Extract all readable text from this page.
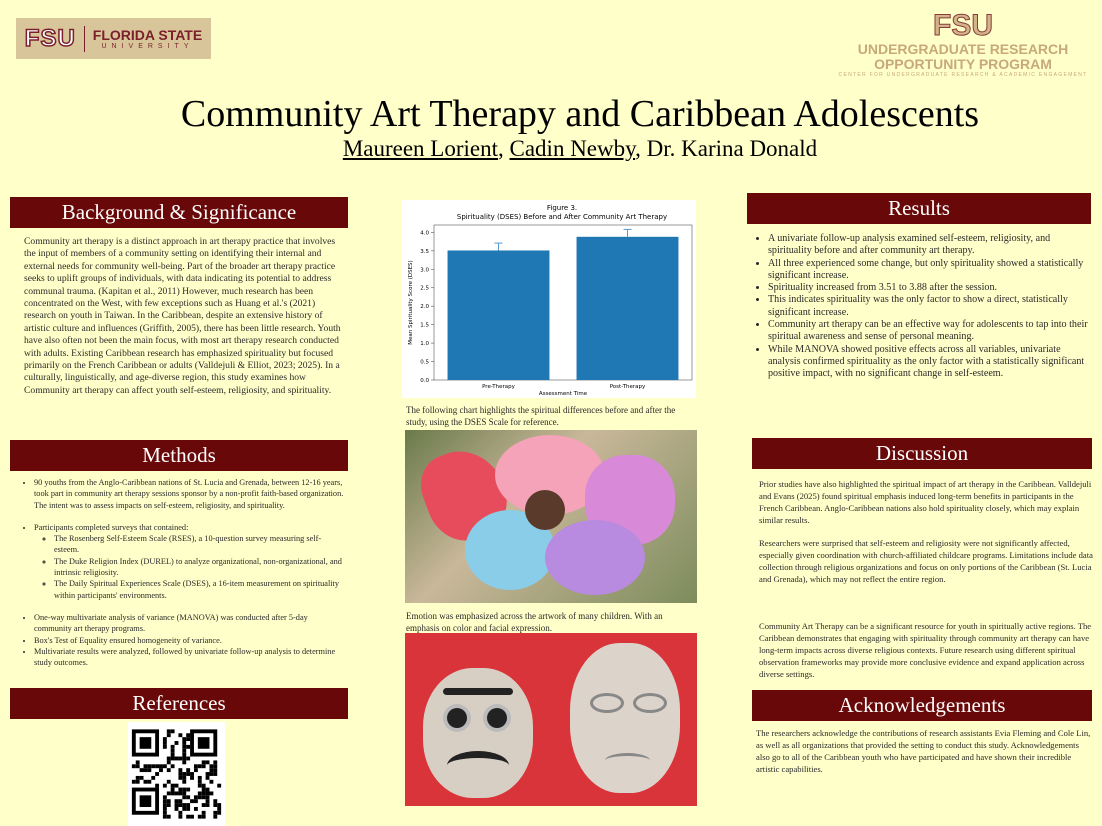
FSU FLORIDA STATE
UNIVERSITY
FSU
UNDERGRADUATE RESEARCH
OPPORTUNITY PROGRAM
CENTER FOR UNDERGRADUATE RESEARCH & ACADEMIC ENGAGEMENT
Community Art Therapy and Caribbean Adolescents
Maureen Lorient, Cadin Newby, Dr. Karina Donald
Background & Significance
Community art therapy is a distinct approach in art therapy practice that involves the input of members of a community setting on identifying their internal and external needs for community well-being. Part of the broader art therapy practice seeks to uplift groups of individuals, with data indicating its potential to address communal trauma. (Kapitan et al., 2011) However, much research has been concentrated on the West, with few exceptions such as Huang et al.'s (2021) research on youth in Taiwan. In the Caribbean, despite an extensive history of artistic culture and influences (Griffith, 2005), there has been little research. Youth have also often not been the main focus, with most art therapy research conducted with adults. Existing Caribbean research has emphasized spirituality but focused primarily on the French Caribbean or adults (Valldejuli & Elliot, 2023; 2025). In a culturally, linguistically, and age-diverse region, this study examines how Community art therapy can affect youth self-esteem, religiosity, and spirituality.
Methods
• 90 youths from the Anglo-Caribbean nations of St. Lucia and Grenada, between 12-16 years, took part in community art therapy sessions sponsor by a non-profit faith-based organization. The intent was to assess impacts on self-esteem, religiosity, and spirituality.
• Participants completed surveys that contained:
◦ The Rosenberg Self-Esteem Scale (RSES), a 10-question survey measuring self-esteem.
◦ The Duke Religion Index (DUREL) to analyze organizational, non-organizational, and intrinsic religiosity.
◦ The Daily Spiritual Experiences Scale (DSES), a 16-item measurement on spirituality within participants' environments.
• One-way multivariate analysis of variance (MANOVA) was conducted after 5-day community art therapy programs.
• Box's Test of Equality ensured homogeneity of variance.
• Multivariate results were analyzed, followed by univariate follow-up analysis to determine study outcomes.
References
Figure 3.
Spirituality (DSES) Before and After Community Art Therapy
0.0
0.5
1.0
1.5
2.0
2.5
3.0
3.5
4.0
Pre-Therapy	Post-Therapy
Assessment Time
Mean Spirituality Score (DSES)
The following chart highlights the spiritual differences before and after the study, using the DSES Scale for reference.
Emotion was emphasized across the artwork of many children. With an emphasis on color and facial expression.
Results
• A univariate follow-up analysis examined self-esteem, religiosity, and spirituality before and after community art therapy.
• All three experienced some change, but only spirituality showed a statistically significant increase.
• Spirituality increased from 3.51 to 3.88 after the session.
• This indicates spirituality was the only factor to show a direct, statistically significant increase.
• Community art therapy can be an effective way for adolescents to tap into their spiritual awareness and sense of personal meaning.
• While MANOVA showed positive effects across all variables, univariate analysis confirmed spirituality as the only factor with a statistically significant positive impact, with no significant change in self-esteem.
Discussion
Prior studies have also highlighted the spiritual impact of art therapy in the Caribbean. Valldejuli and Evans (2025) found spiritual emphasis induced long-term benefits in participants in the French Caribbean. Anglo-Caribbean nations also hold spirituality closely, which may explain similar results.
Researchers were surprised that self-esteem and religiosity were not significantly affected, especially given coordination with church-affiliated childcare programs. Limitations include data collection through religious organizations and focus on only portions of the Caribbean (St. Lucia and Grenada), which may not reflect the entire region.
Community Art Therapy can be a significant resource for youth in spiritually active regions. The Caribbean demonstrates that engaging with spirituality through community art therapy can have long-term impacts across diverse religious contexts. Future research using different spiritual observation frameworks may provide more conclusive evidence and expand application across diverse settings.
Acknowledgements
The researchers acknowledge the contributions of research assistants Evia Fleming and Cole Lin, as well as all organizations that provided the setting to conduct this study. Acknowledgements also go to all of the Caribbean youth who have participated and have shown their incredible artistic capabilities.
